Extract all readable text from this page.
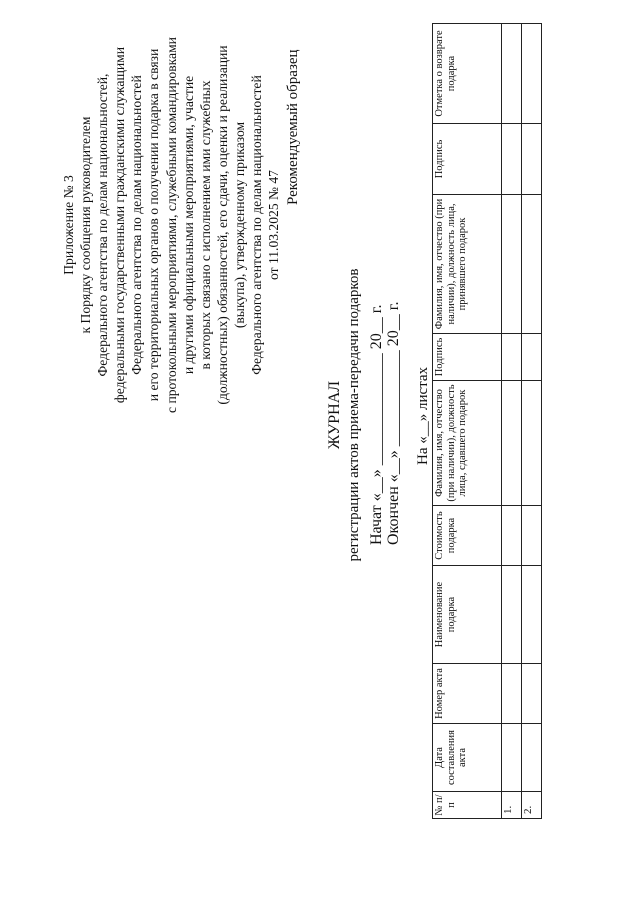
Приложение № 3 к Порядку сообщения руководителем Федерального агентства по делам национальностей, федеральными государственными гражданскими служащими Федерального агентства по делам национальностей и его территориальных органов о получении подарка в связи с протокольными мероприятиями, служебными командировками и другими официальными мероприятиями, участие в которых связано с исполнением ими служебных (должностных) обязанностей, его сдачи, оценки и реализации (выкупа), утвержденному приказом Федерального агентства по делам национальностей от 11.03.2025 № 47
Рекомендуемый образец
ЖУРНАЛ регистрации актов приема-передачи подарков Начат «__» ______________ 20__ г. Окончен «__» ____________ 20__ г. На «__» листах
№ п/п	Дата составления акта	Номер акта	Наименование подарка	Стоимость подарка	Фамилия, имя, отчество (при наличии), должность лица, сдавшего подарок	Подпись	Фамилия, имя, отчество (при наличии), должность лица, принявшего подарок	Подпись	Отметка о возврате подарка
1.									
2.									
